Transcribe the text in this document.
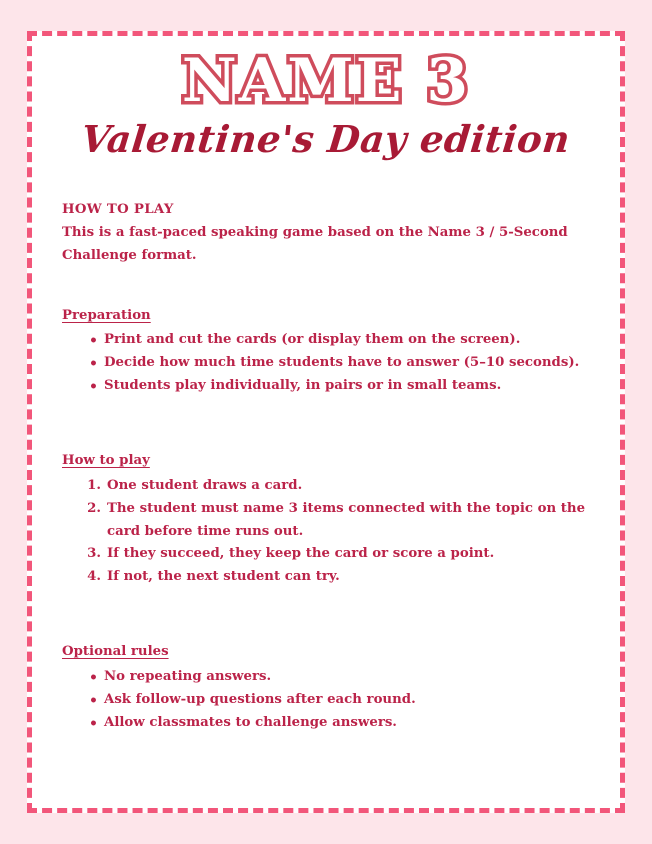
NAME 3
Valentine's Day edition

HOW TO PLAY

This is a fast-paced speaking game based on the Name 3 / 5-Second Challenge format.

Preparation
• Print and cut the cards (or display them on the screen).
• Decide how much time students have to answer (5–10 seconds).
• Students play individually, in pairs or in small teams.
How to play
One student draws a card.
The student must name 3 items connected with the topic on the card before time runs out.
If they succeed, they keep the card or score a point.
If not, the next student can try.
Optional rules
• No repeating answers.
• Ask follow-up questions after each round.
• Allow classmates to challenge answers.
